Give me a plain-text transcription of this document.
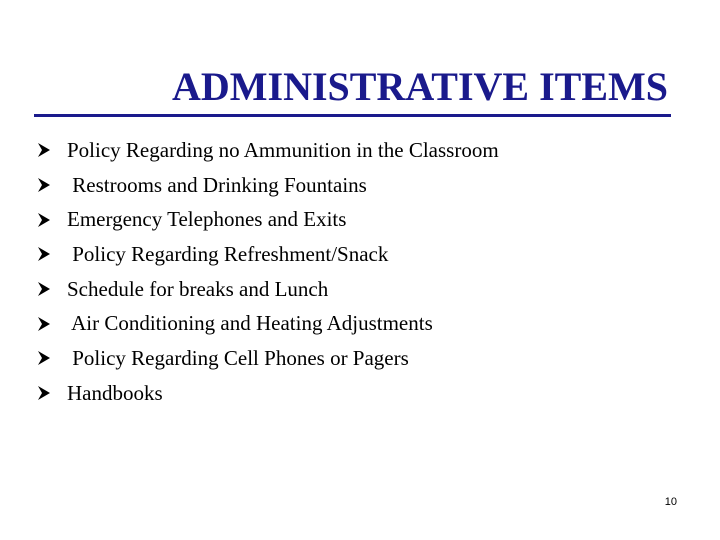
ADMINISTRATIVE ITEMS
Policy Regarding no Ammunition in the Classroom
Restrooms and Drinking Fountains
Emergency Telephones and Exits
Policy Regarding Refreshment/Snack
Schedule for breaks and Lunch
Air Conditioning and Heating Adjustments
Policy Regarding Cell Phones or Pagers
Handbooks
10
